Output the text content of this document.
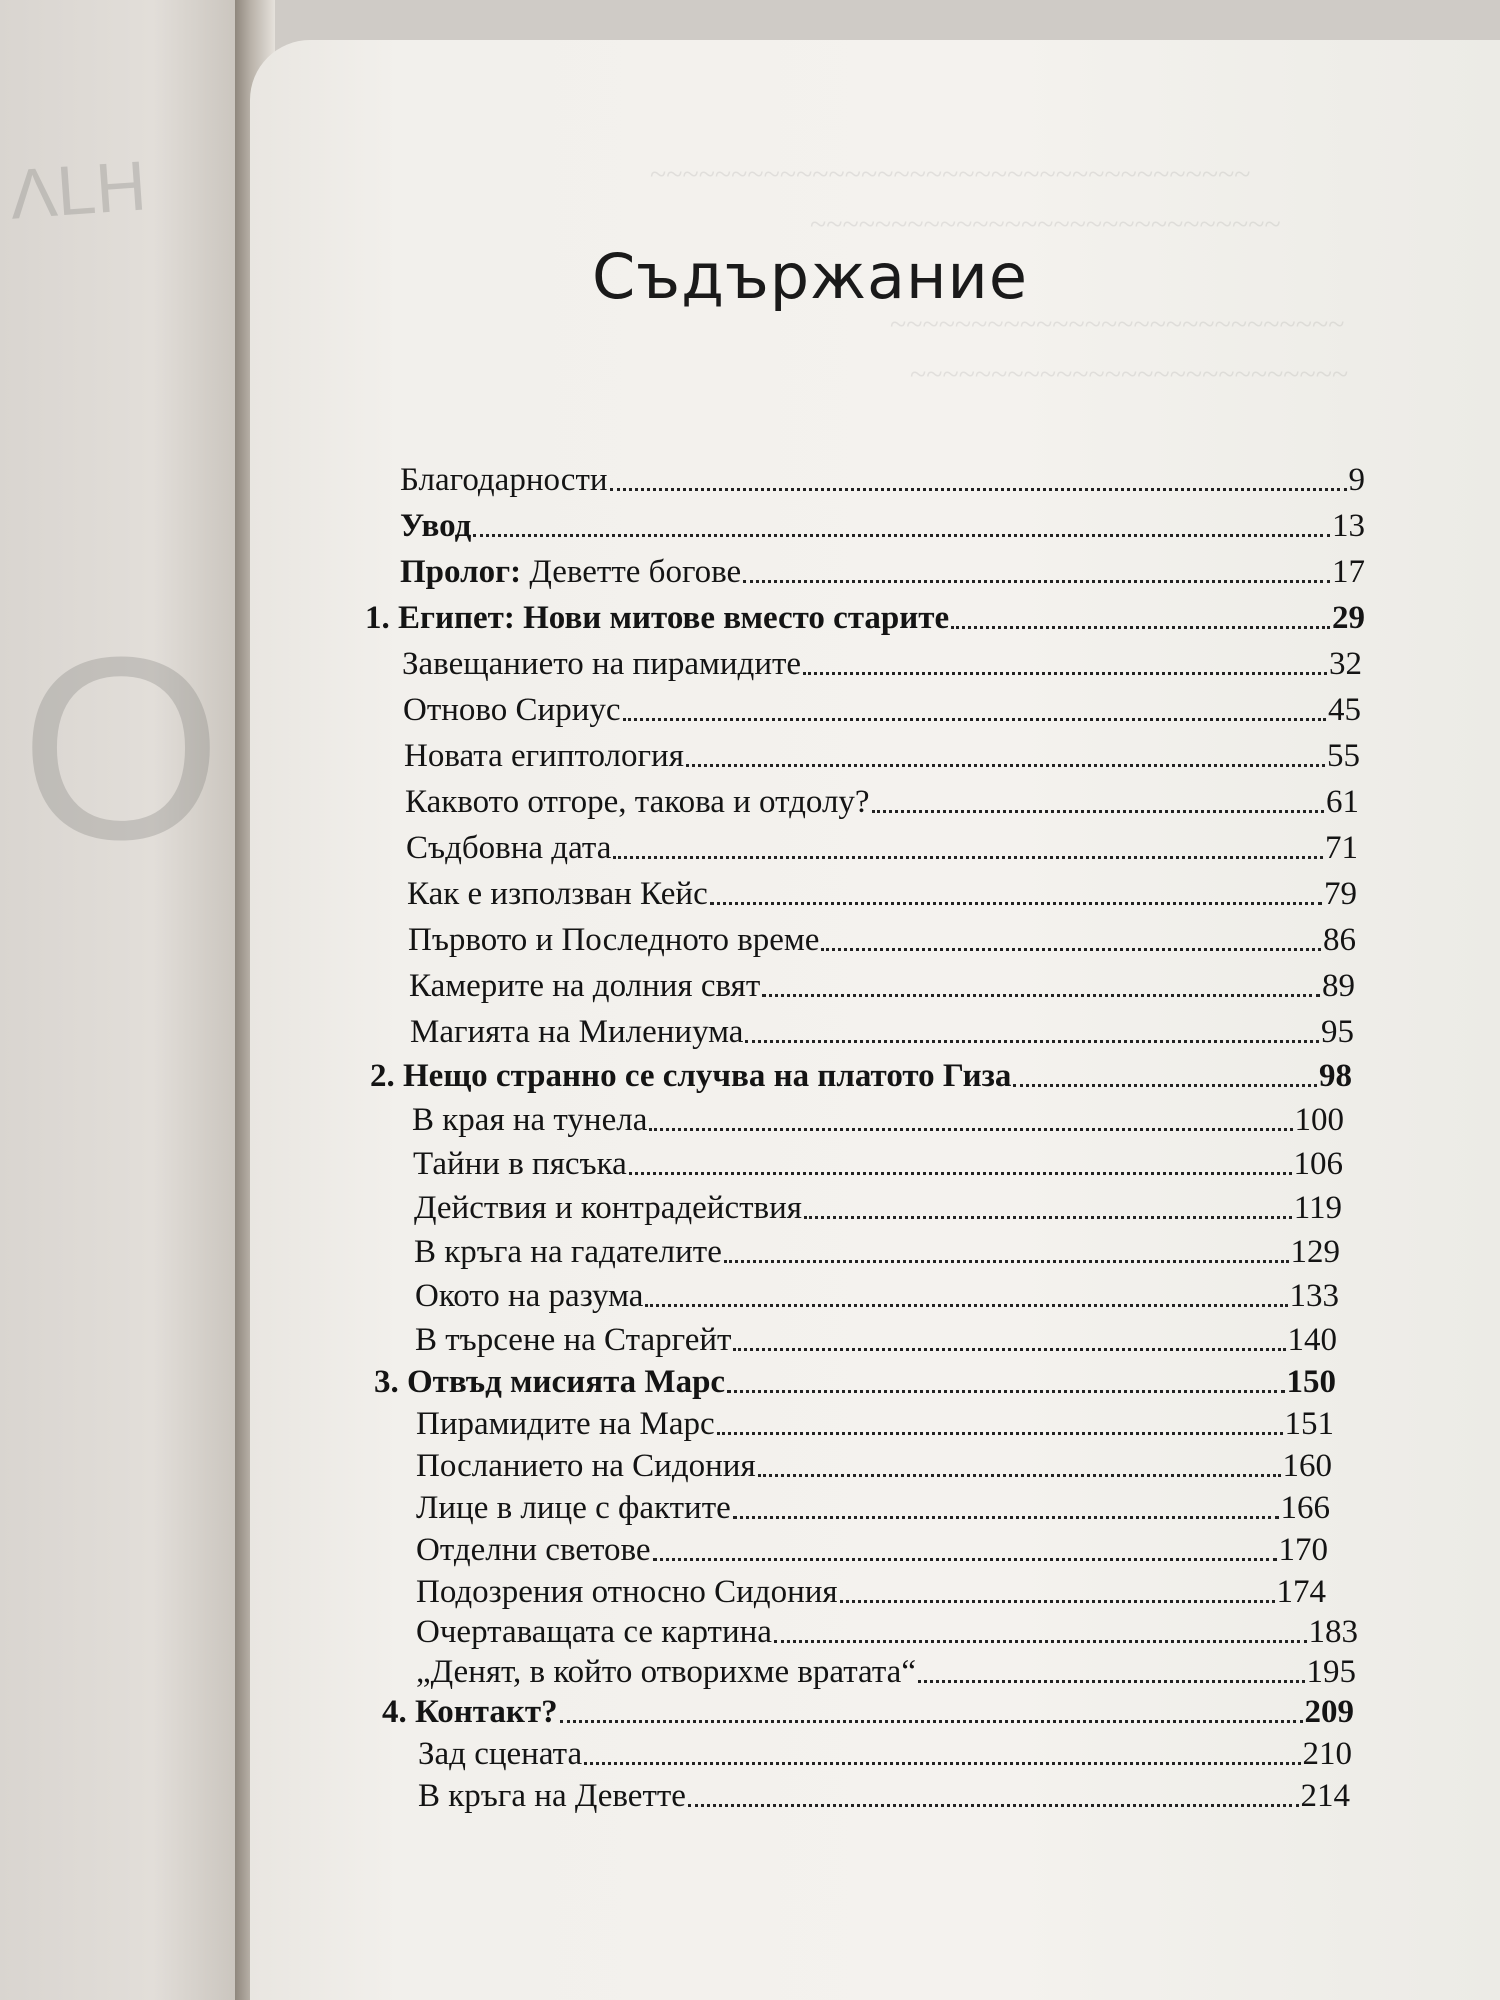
ΛLH
O
~~~~~~~~~~~~~~~~~~~~~~~~~~~~~~~~~~~~~
~~~~~~~~~~~~~~~~~~~~~~~~~~~~~
~~~~~~~~~~~~~~~~~~~~~~~~~~~~
~~~~~~~~~~~~~~~~~~~~~~~~~~~
Съдържание
Благодарности	9
Увод	13
Пролог: Деветте богове	17
1. Египет: Нови митове вместо старите	29
Завещанието на пирамидите	32
Отново Сириус	45
Новата египтология	55
Каквото отгоре, такова и отдолу?	61
Съдбовна дата	71
Как е използван Кейс	79
Първото и Последното време	86
Камерите на долния свят	89
Магията на Милениума	95
2. Нещо странно се случва на платото Гиза	98
В края на тунела	100
Тайни в пясъка	106
Действия и контрадействия	119
В кръга на гадателите	129
Окото на разума	133
В търсене на Старгейт	140
3. Отвъд мисията Марс	150
Пирамидите на Марс	151
Посланието на Сидония	160
Лице в лице с фактите	166
Отделни светове	170
Подозрения относно Сидония	174
Очертаващата се картина	183
„Денят, в който отворихме вратата“	195
4. Контакт?	209
Зад сцената	210
В кръга на Деветте	214
